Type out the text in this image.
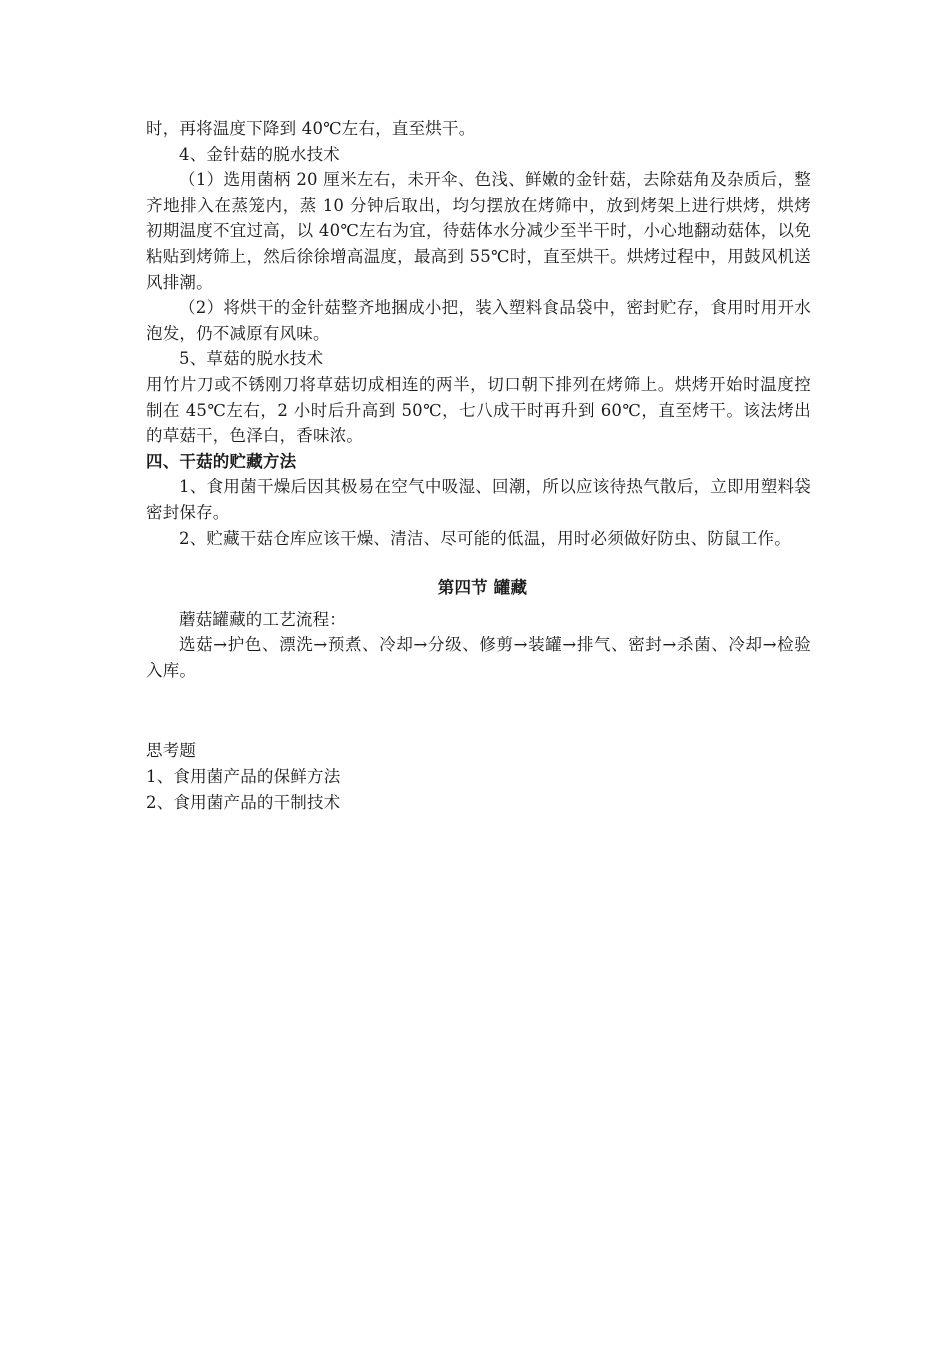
时，再将温度下降到 40℃左右，直至烘干。

4、金针菇的脱水技术

（1）选用菌柄 20 厘米左右，未开伞、色浅、鲜嫩的金针菇，去除菇角及杂质后，整齐地排入在蒸笼内，蒸 10 分钟后取出，均匀摆放在烤筛中，放到烤架上进行烘烤，烘烤初期温度不宜过高，以 40℃左右为宜，待菇体水分减少至半干时，小心地翻动菇体，以免粘贴到烤筛上，然后徐徐增高温度，最高到 55℃时，直至烘干。烘烤过程中，用鼓风机送风排潮。

（2）将烘干的金针菇整齐地捆成小把，装入塑料食品袋中，密封贮存，食用时用开水泡发，仍不减原有风味。

5、草菇的脱水技术

用竹片刀或不锈刚刀将草菇切成相连的两半，切口朝下排列在烤筛上。烘烤开始时温度控制在 45℃左右，2 小时后升高到 50℃，七八成干时再升到 60℃，直至烤干。该法烤出的草菇干，色泽白，香味浓。

四、干菇的贮藏方法

1、食用菌干燥后因其极易在空气中吸湿、回潮，所以应该待热气散后，立即用塑料袋密封保存。

2、贮藏干菇仓库应该干燥、清洁、尽可能的低温，用时必须做好防虫、防鼠工作。

第四节 罐藏

蘑菇罐藏的工艺流程：

选菇→护色、漂洗→预煮、冷却→分级、修剪→装罐→排气、密封→杀菌、冷却→检验入库。

思考题

1、食用菌产品的保鲜方法

2、食用菌产品的干制技术
